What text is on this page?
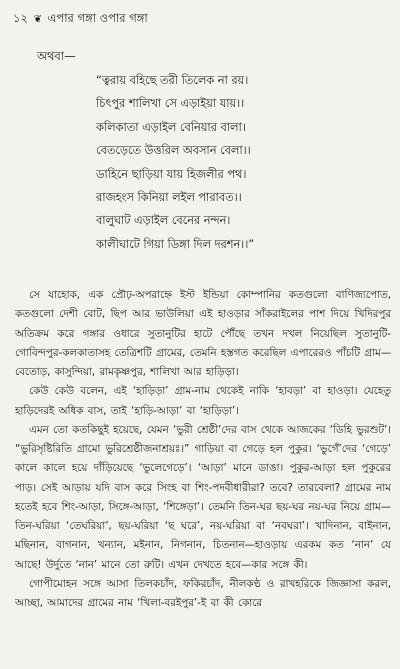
১২ ❦ এপার গঙ্গা ওপার গঙ্গা
অথবা—
“ত্বরায় বহিছে তরী তিলেক না রয়।
চিৎপুর শালিখা সে এড়াইয়া যায়।।
কলিকাতা এড়াইল বেনিয়ার বালা।
বেতড়েতে উত্তরিল অবসান বেলা।।
ডাহিনে ছাড়িয়া যায় হিজলীর পথ।
রাজহংস কিনিয়া লইল পারাবত।।
বালুঘাট এড়াইল বেনের নন্দন।
কালীঘাটে গিয়া ডিঙ্গা দিল দরশন।।”

সে যাহোক, এক প্রৌঢ়-অপরাহ্নে ইস্ট ইন্ডিয়া কোম্পানির কতগুলো বাণিজ্যপোত, কতগুলো দেশী বোট, ছিপ আর ভাউলিয়া এই হাওড়ার সাঁকরাইলের পাশ দিয়ে খিদিরপুর অতিক্রম করে গঙ্গার ওধারে সুতানুটির হাটে পৌঁছে তখন দখল নিয়েছিল সুতানুটি-গোবিন্দপুর-কলকাতাসহ তেত্রিশটি গ্রামের, তেমনি হস্তগত করেছিল এপারেরও পাঁচটি গ্রাম—বেতোড়, কাসুন্দিয়া, রামকৃষ্ণপুর, শালিখা আর হাড়িড়া।

কেউ কেউ বলেন, এই ‘হাড়িড়া’ গ্রাম-নাম থেকেই নাকি ‘হাবড়া’ বা হাওড়া। যেহেতু হাড়িদেরই অধিক বাস, তাই ‘হাড়ি-আড়া’ বা ‘হাড়িড়া’।

এমন তো কতকিছুই হয়েছে, যেমন ‘ভুরী শ্রেষ্ঠী’দের বাস থেকে আজকের ‘ডিহি ভুরশুট’। “ভুরিসৃষ্টিরিতি গ্রামো ভুরিশ্রেষ্ঠীজনাশ্রয়ঃ।” গাড়িয়া বা গেড়ে হল পুকুর। ‘ভুগেঁ’দের ‘গেড়ে’ কালে কালে হয়ে দাঁড়িয়েছে ‘ভুলেগেড়ে’। ‘আড়া’ মানে ডাঙা। পুকুর-আড়া হল পুকুরের পাড়। সেই আড়ায় যদি বাস করে সিংহ বা শিং-পদবীধারীরা? তবে? তারবেলা? গ্রামের নাম হতেই হবে শিং-আড়া, সিঙ্গে-আড়া, ‘শিঙ্গেড়া’। তেমনি তিন-ঘর ছয়-ঘর নয়-ঘর নিয়ে গ্রাম—তিন-ঘরিয়া ‘তেঘরিয়া’, ছয়-ঘরিয়া ‘ছ ঘরে’, নয়-ঘরিয়া বা ‘নবঘরা’। খাদিনান, বাইনান, মছিনান, বাগনান, খন্যান, মইনান, নিগনান, চিতনান—হাওড়ায় এরকম কত ‘নান’ যে আছে! উর্দুতে ‘নান’ মানে তো রুটি। এখন দেখতে হবে—কার সঙ্গে কী।

গোপীমোহন সঙ্গে আসা তিলকচাঁদ, ফকিরচাঁদ, নীলকণ্ঠ ও রাখহরিকে জিজ্ঞাসা করল, আচ্ছা, আমাদের গ্রামের নাম ‘খিলা-বরইপুর’-ই বা কী কোরে
